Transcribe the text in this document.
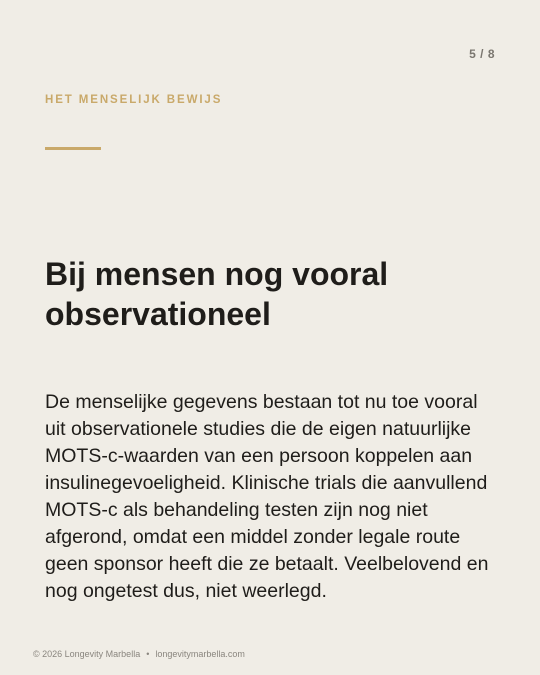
5 / 8
HET MENSELIJK BEWIJS
Bij mensen nog vooral observationeel

De menselijke gegevens bestaan tot nu toe vooral uit observationele studies die de eigen natuurlijke MOTS-c-waarden van een persoon koppelen aan insulinegevoeligheid. Klinische trials die aanvullend MOTS-c als behandeling testen zijn nog niet afgerond, omdat een middel zonder legale route geen sponsor heeft die ze betaalt. Veelbelovend en nog ongetest dus, niet weerlegd.

© 2026 Longevity Marbella • longevitymarbella.com
